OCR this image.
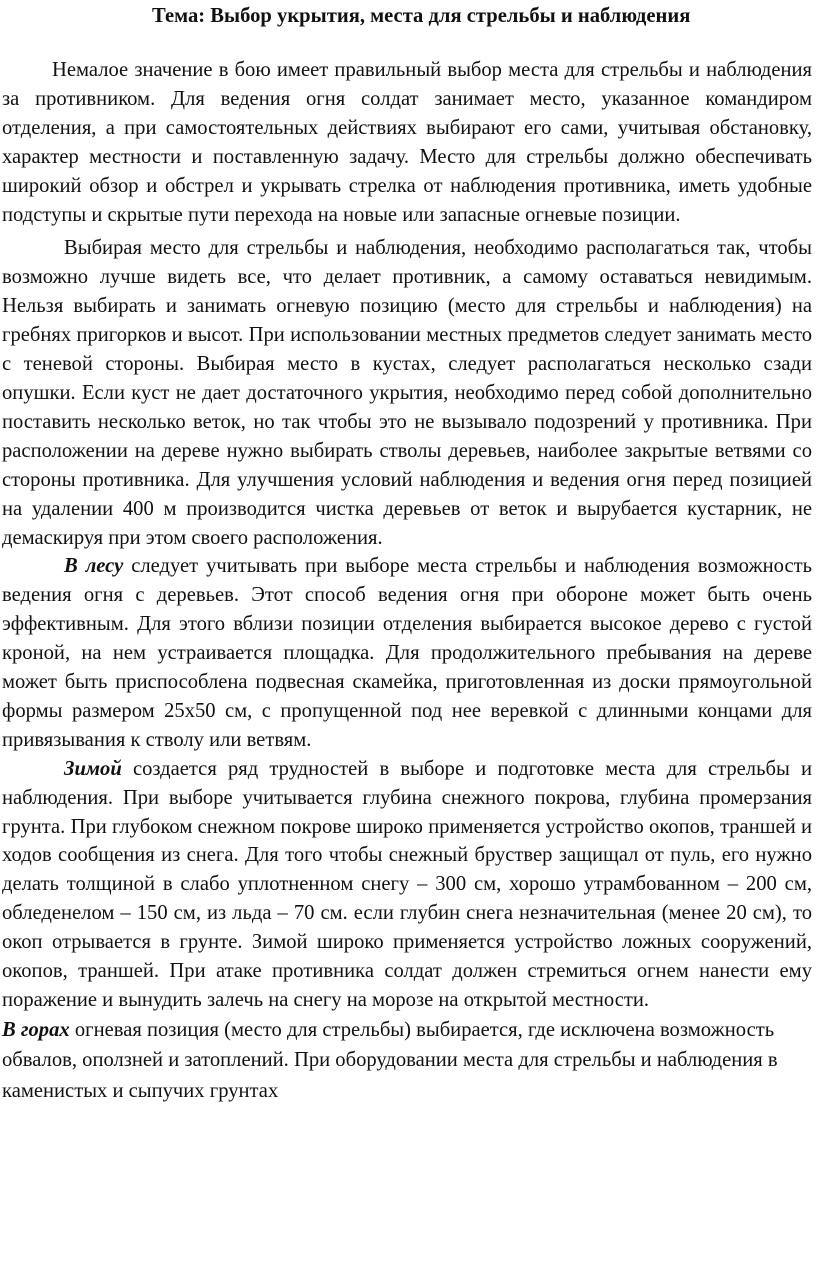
Тема: Выбор укрытия, места для стрельбы и наблюдения

Немалое значение в бою имеет правильный выбор места для стрельбы и наблюдения за противником. Для ведения огня солдат занимает место, указанное командиром отделения, а при самостоятельных действиях выбирают его сами, учитывая обстановку, характер местности и поставленную задачу. Место для стрельбы должно обеспечивать широкий обзор и обстрел и укрывать стрелка от наблюдения противника, иметь удобные подступы и скрытые пути перехода на новые или запасные огневые позиции.

Выбирая место для стрельбы и наблюдения, необходимо располагаться так, чтобы возможно лучше видеть все, что делает противник, а самому оставаться невидимым. Нельзя выбирать и занимать огневую позицию (место для стрельбы и наблюдения) на гребнях пригорков и высот. При использовании местных предметов следует занимать место с теневой стороны. Выбирая место в кустах, следует располагаться несколько сзади опушки. Если куст не дает достаточного укрытия, необходимо перед собой дополнительно поставить несколько веток, но так чтобы это не вызывало подозрений у противника. При расположении на дереве нужно выбирать стволы деревьев, наиболее закрытые ветвями со стороны противника. Для улучшения условий наблюдения и ведения огня перед позицией на удалении 400 м производится чистка деревьев от веток и вырубается кустарник, не демаскируя при этом своего расположения.

В лесу следует учитывать при выборе места стрельбы и наблюдения возможность ведения огня с деревьев. Этот способ ведения огня при обороне может быть очень эффективным. Для этого вблизи позиции отделения выбирается высокое дерево с густой кроной, на нем устраивается площадка. Для продолжительного пребывания на дереве может быть приспособлена подвесная скамейка, приготовленная из доски прямоугольной формы размером 25х50 см, с пропущенной под нее веревкой с длинными концами для привязывания к стволу или ветвям.

Зимой создается ряд трудностей в выборе и подготовке места для стрельбы и наблюдения. При выборе учитывается глубина снежного покрова, глубина промерзания грунта. При глубоком снежном покрове широко применяется устройство окопов, траншей и ходов сообщения из снега. Для того чтобы снежный бруствер защищал от пуль, его нужно делать толщиной в слабо уплотненном снегу – 300 см, хорошо утрамбованном – 200 см, обледенелом – 150 см, из льда – 70 см. если глубин снега незначительная (менее 20 см), то окоп отрывается в грунте. Зимой широко применяется устройство ложных сооружений, окопов, траншей. При атаке противника солдат должен стремиться огнем нанести ему поражение и вынудить залечь на снегу на морозе на открытой местности.

В горах огневая позиция (место для стрельбы) выбирается, где исключена возможность обвалов, оползней и затоплений. При оборудовании места для стрельбы и наблюдения в каменистых и сыпучих грунтах
